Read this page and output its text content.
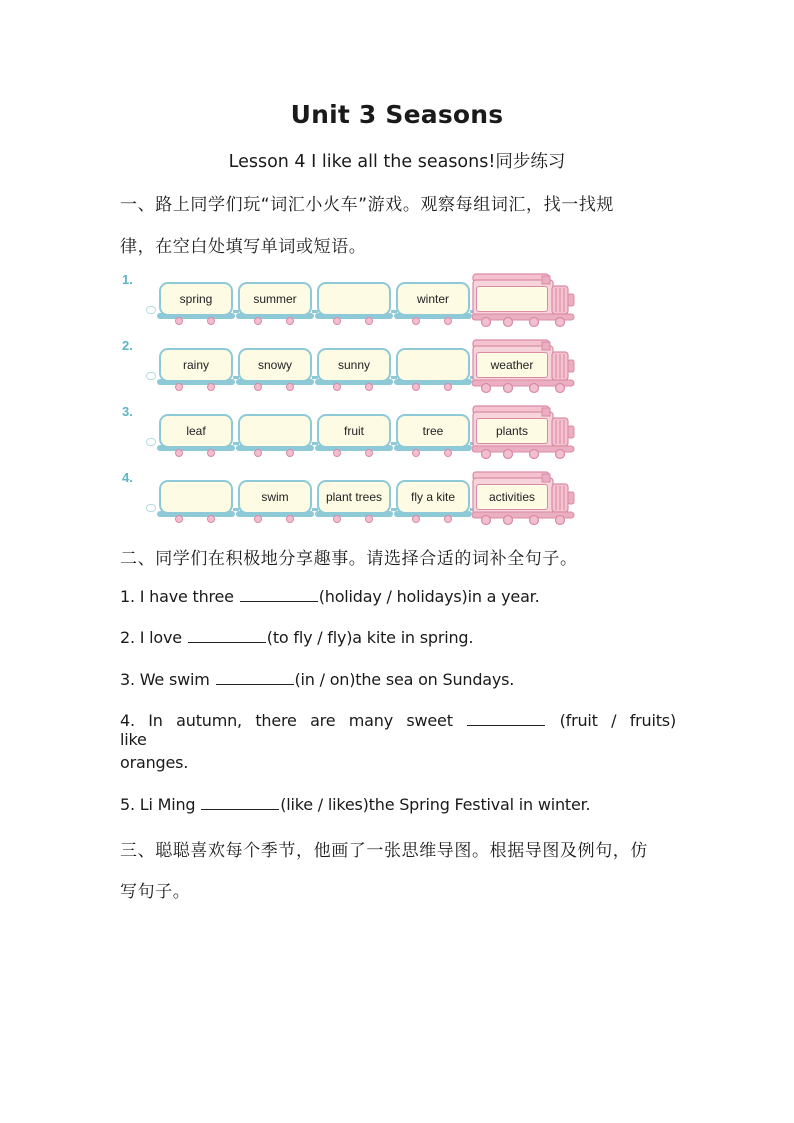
Unit 3 Seasons
Lesson 4 I like all the seasons!同步练习
一、路上同学们玩“词汇小火车”游戏。观察每组词汇，找一找规
律，在空白处填写单词或短语。
1.
spring	summer	winter
2.
rainy	snowy	sunny	weather
3.
leaf	fruit	tree	plants
4.
swim	plant trees	fly a kite	activities
二、同学们在积极地分享趣事。请选择合适的词补全句子。
1. I have three	(holiday / holidays)in a year.
2. I love	(to fly / fly)a kite in spring.
3. We swim	(in / on)the sea on Sundays.
4. In autumn, there are many sweet	(fruit / fruits) like
oranges.
5. Li Ming	(like / likes)the Spring Festival in winter.
三、聪聪喜欢每个季节，他画了一张思维导图。根据导图及例句，仿
写句子。
